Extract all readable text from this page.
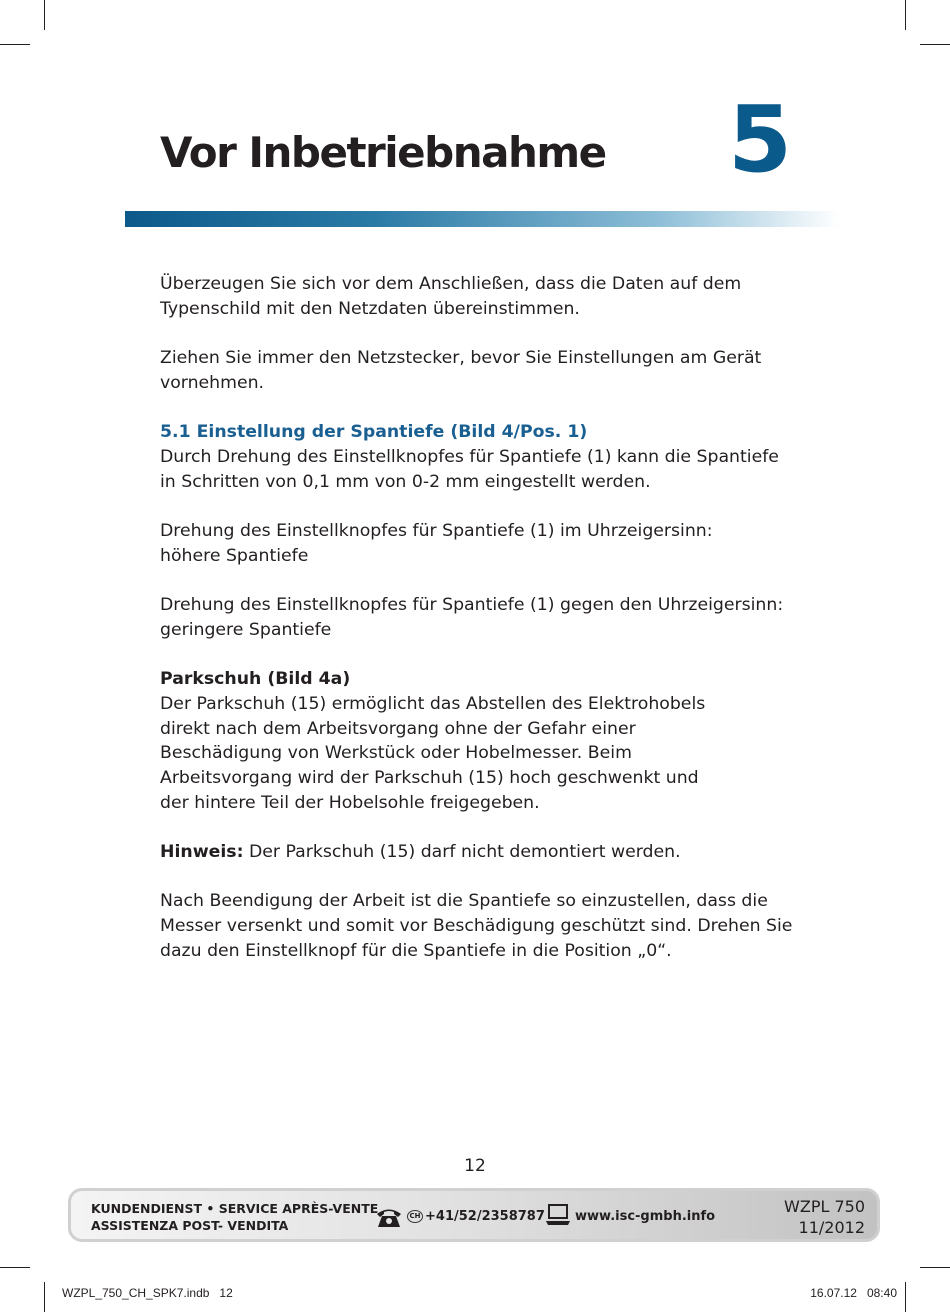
Vor Inbetriebnahme 5

Überzeugen Sie sich vor dem Anschließen, dass die Daten auf dem Typenschild mit den Netzdaten übereinstimmen.

Ziehen Sie immer den Netzstecker, bevor Sie Einstellungen am Gerät vornehmen.

5.1 Einstellung der Spantiefe (Bild 4/Pos. 1)

Durch Drehung des Einstellknopfes für Spantiefe (1) kann die Spantiefe in Schritten von 0,1 mm von 0-2 mm eingestellt werden.

Drehung des Einstellknopfes für Spantiefe (1) im Uhrzeigersinn:

höhere Spantiefe

Drehung des Einstellknopfes für Spantiefe (1) gegen den Uhrzeigersinn:

geringere Spantiefe

Parkschuh (Bild 4a)

Der Parkschuh (15) ermöglicht das Abstellen des Elektrohobels

direkt nach dem Arbeitsvorgang ohne der Gefahr einer

Beschädigung von Werkstück oder Hobelmesser. Beim

Arbeitsvorgang wird der Parkschuh (15) hoch geschwenkt und

der hintere Teil der Hobelsohle freigegeben.

Hinweis: Der Parkschuh (15) darf nicht demontiert werden.

Nach Beendigung der Arbeit ist die Spantiefe so einzustellen, dass die Messer versenkt und somit vor Beschädigung geschützt sind. Drehen Sie dazu den Einstellknopf für die Spantiefe in die Position „0“.

12
KUNDENDIENST • SERVICE APRÈS-VENTE
ASSISTENZA POST- VENDITA
CH +41/52/2358787 www.isc-gmbh.info
WZPL 750
11/2012
WZPL_750_CH_SPK7.indb   12	16.07.12   08:40
